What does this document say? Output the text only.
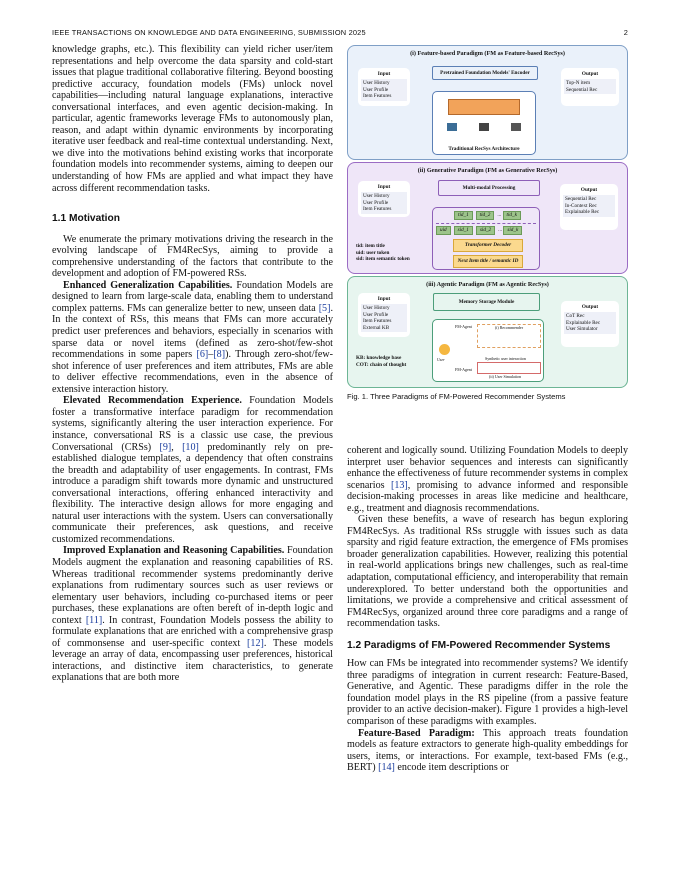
IEEE TRANSACTIONS ON KNOWLEDGE AND DATA ENGINEERING, SUBMISSION 2025	2

knowledge graphs, etc.). This flexibility can yield richer user/item representations and help overcome the data sparsity and cold-start issues that plague traditional collaborative filtering. Beyond boosting predictive accuracy, foundation models (FMs) unlock novel capabilities—including natural language explanations, interactive conversational interfaces, and even agentic decision-making. In particular, agentic frameworks leverage FMs to autonomously plan, reason, and adapt within dynamic environments by incorporating iterative user feedback and real-time contextual understanding. Next, we dive into the motivations behind existing works that incorporate foundation models into recommender systems, aiming to deepen our understanding of how FMs are applied and what impact they have across different recommendation tasks.

1.1 Motivation

We enumerate the primary motivations driving the research in the evolving landscape of FM4RecSys, aiming to provide a comprehensive understanding of the factors that contribute to the development and adoption of FM-powered RSs.

Enhanced Generalization Capabilities. Foundation Models are designed to learn from large-scale data, enabling them to understand complex patterns. FMs can generalize better to new, unseen data [5]. In the context of RSs, this means that FMs can more accurately predict user preferences and behaviors, especially in scenarios with sparse data or novel items (defined as zero-shot/few-shot recommendations in some papers [6]–[8]). Through zero-shot/few-shot inference of user preferences and item attributes, FMs are able to deliver effective recommendations, even in the absence of extensive interaction history.

Elevated Recommendation Experience. Foundation Models foster a transformative interface paradigm for recommendation systems, significantly altering the user interaction experience. For instance, conversational RS is a classic use case, the previous Conversational (CRSs) [9], [10] predominantly rely on pre-established dialogue templates, a dependency that often constrains the breadth and adaptability of user engagements. In contrast, FMs introduce a paradigm shift towards more dynamic and unstructured conversational interactions, offering enhanced interactivity and flexibility. The interactive design allows for more engaging and natural user interactions with the system. Users can conversationally communicate their preferences, ask questions, and receive customized recommendations.

Improved Explanation and Reasoning Capabilities. Foundation Models augment the explanation and reasoning capabilities of RS. Whereas traditional recommender systems predominantly derive explanations from rudimentary sources such as user reviews or elementary user behaviors, including co-purchased items or peer purchases, these explanations are often bereft of in-depth logic and context [11]. In contrast, Foundation Models possess the ability to formulate explanations that are enriched with a comprehensive grasp of commonsense and user-specific context [12]. These models leverage an array of data, encompassing user preferences, historical interactions, and distinctive item characteristics, to generate explanations that are both more

(i) Feature-based Paradigm (FM as Feature-based RecSys)
Input
User History
User Profile
Item Features
Pretrained Foundation Models' Encoder
Traditional RecSys Architecture
Output
Top-N item
Sequential Rec
(ii) Generative Paradigm (FM as Generative RecSys)
Input
User History
User Profile
Item Features
Multi-modal Processing
tid_1 tid_2 ... tid_k
uid sid_1 sid_2 ... sid_k
Transformer Decoder
Next Item title / semantic ID
tid: item title
uid: user token
sid: item semantic token
Output
Sequential Rec
In-Context Rec
Explainable Rec
(iii) Agentic Paradigm (FM as Agentic RecSys)
Input
User History
User Profile
Item Features
External KB
Memory Storage Module
User
FM-Agent	(i) Recommender
FM-Agent
Synthetic user interaction
(ii) User Simulation
KB: knowledge base
COT: chain of thought
Output
CoT Rec
Explainable Rec
User Simulator
Fig. 1. Three Paradigms of FM-Powered Recommender Systems

coherent and logically sound. Utilizing Foundation Models to deeply interpret user behavior sequences and interests can significantly enhance the effectiveness of future recommender systems in complex scenarios [13], promising to advance informed and responsible decision-making processes in areas like medicine and healthcare, e.g., treatment and diagnosis recommendations.

Given these benefits, a wave of research has begun exploring FM4RecSys. As traditional RSs struggle with issues such as data sparsity and rigid feature extraction, the emergence of FMs promises broader generalization capabilities. However, realizing this potential in real-world applications brings new challenges, such as real-time adaptation, computational efficiency, and interoperability that remain underexplored. To better understand both the opportunities and limitations, we provide a comprehensive and critical assessment of FM4RecSys, organized around three core paradigms and a range of recommendation tasks.

1.2 Paradigms of FM-Powered Recommender Systems

How can FMs be integrated into recommender systems? We identify three paradigms of integration in current research: Feature-Based, Generative, and Agentic. These paradigms differ in the role the foundation model plays in the RS pipeline (from a passive feature provider to an active decision-maker). Figure 1 provides a high-level comparison of these paradigms with examples.

Feature-Based Paradigm: This approach treats foundation models as feature extractors to generate high-quality embeddings for users, items, or interactions. For example, text-based FMs (e.g., BERT) [14] encode item descriptions or
